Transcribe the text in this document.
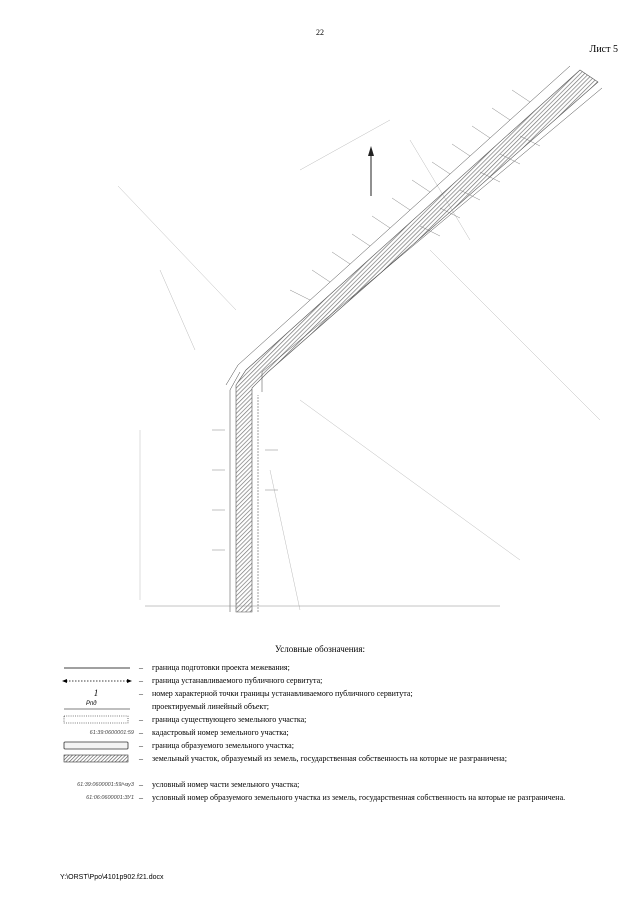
22
Лист 5
Условные обозначения:
– граница подготовки проекта межевания;
– граница устанавливаемого публичного сервитута;
1	– номер характерной точки границы устанавливаемого публичного сервитута;
Рпд	проектируемый линейный объект;
– граница существующего земельного участка;
61:39:0600001:59 – кадастровый номер земельного участка;
– граница образуемого земельного участка;
– земельный участок, образуемый из земель, государственная собственность на которые не разграничена;
61:39:0600001:59/чзу3 – условный номер части земельного участка;
61:06:0600001:ЗУ1 – условный номер образуемого земельного участка из земель, государственная собственность на которые не разграничена.
Y:\ORST\Ppo\4101p902.f21.docx
